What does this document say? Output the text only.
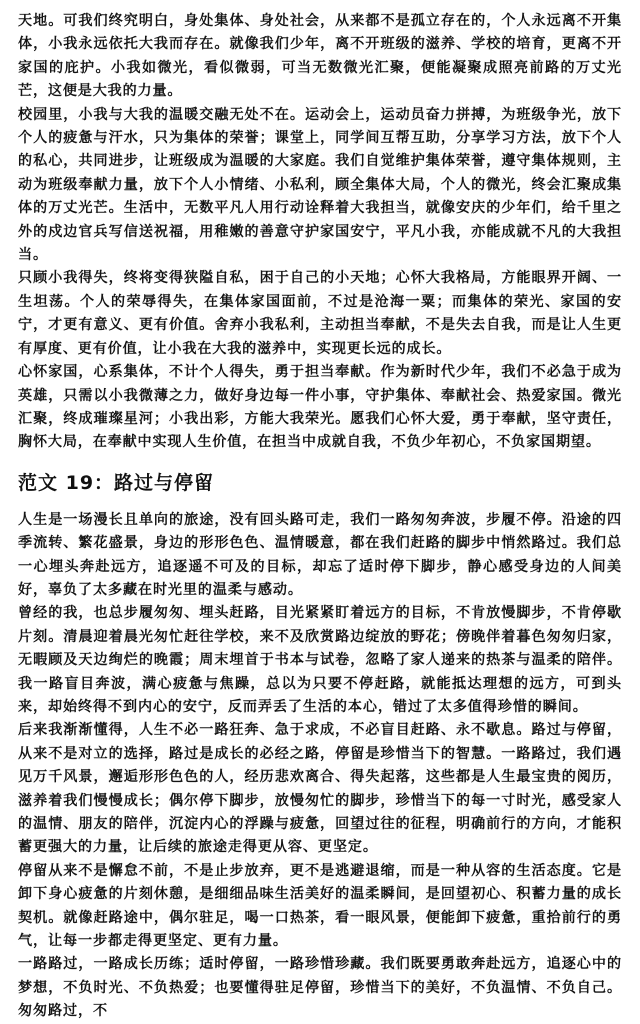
天地。可我们终究明白，身处集体、身处社会，从来都不是孤立存在的，个人永远离不开集体，小我永远依托大我而存在。就像我们少年，离不开班级的滋养、学校的培育，更离不开家国的庇护。小我如微光，看似微弱，可当无数微光汇聚，便能凝聚成照亮前路的万丈光芒，这便是大我的力量。

校园里，小我与大我的温暖交融无处不在。运动会上，运动员奋力拼搏，为班级争光，放下个人的疲惫与汗水，只为集体的荣誉；课堂上，同学间互帮互助，分享学习方法，放下个人的私心，共同进步，让班级成为温暖的大家庭。我们自觉维护集体荣誉，遵守集体规则，主动为班级奉献力量，放下个人小情绪、小私利，顾全集体大局，个人的微光，终会汇聚成集体的万丈光芒。生活中，无数平凡人用行动诠释着大我担当，就像安庆的少年们，给千里之外的戍边官兵写信送祝福，用稚嫩的善意守护家国安宁，平凡小我，亦能成就不凡的大我担当。

只顾小我得失，终将变得狭隘自私，困于自己的小天地；心怀大我格局，方能眼界开阔、一生坦荡。个人的荣辱得失，在集体家国面前，不过是沧海一粟；而集体的荣光、家国的安宁，才更有意义、更有价值。舍弃小我私利，主动担当奉献，不是失去自我，而是让人生更有厚度、更有价值，让小我在大我的滋养中，实现更长远的成长。

心怀家国，心系集体，不计个人得失，勇于担当奉献。作为新时代少年，我们不必急于成为英雄，只需以小我微薄之力，做好身边每一件小事，守护集体、奉献社会、热爱家国。微光汇聚，终成璀璨星河；小我出彩，方能大我荣光。愿我们心怀大爱，勇于奉献，坚守责任，胸怀大局，在奉献中实现人生价值，在担当中成就自我，不负少年初心，不负家国期望。

范文 19：路过与停留

人生是一场漫长且单向的旅途，没有回头路可走，我们一路匆匆奔波，步履不停。沿途的四季流转、繁花盛景，身边的形形色色、温情暖意，都在我们赶路的脚步中悄然路过。我们总一心埋头奔赴远方，追逐遥不可及的目标，却忘了适时停下脚步，静心感受身边的人间美好，辜负了太多藏在时光里的温柔与感动。

曾经的我，也总步履匆匆、埋头赶路，目光紧紧盯着远方的目标，不肯放慢脚步，不肯停歇片刻。清晨迎着晨光匆忙赶往学校，来不及欣赏路边绽放的野花；傍晚伴着暮色匆匆归家，无暇顾及天边绚烂的晚霞；周末埋首于书本与试卷，忽略了家人递来的热茶与温柔的陪伴。我一路盲目奔波，满心疲惫与焦躁，总以为只要不停赶路，就能抵达理想的远方，可到头来，却始终得不到内心的安宁，反而弄丢了生活的本心，错过了太多值得珍惜的瞬间。

后来我渐渐懂得，人生不必一路狂奔、急于求成，不必盲目赶路、永不歇息。路过与停留，从来不是对立的选择，路过是成长的必经之路，停留是珍惜当下的智慧。一路路过，我们遇见万千风景，邂逅形形色色的人，经历悲欢离合、得失起落，这些都是人生最宝贵的阅历，滋养着我们慢慢成长；偶尔停下脚步，放慢匆忙的脚步，珍惜当下的每一寸时光，感受家人的温情、朋友的陪伴，沉淀内心的浮躁与疲惫，回望过往的征程，明确前行的方向，才能积蓄更强大的力量，让后续的旅途走得更从容、更坚定。

停留从来不是懈怠不前，不是止步放弃，更不是逃避退缩，而是一种从容的生活态度。它是卸下身心疲惫的片刻休憩，是细细品味生活美好的温柔瞬间，是回望初心、积蓄力量的成长契机。就像赶路途中，偶尔驻足，喝一口热茶，看一眼风景，便能卸下疲惫，重拾前行的勇气，让每一步都走得更坚定、更有力量。

一路路过，一路成长历练；适时停留，一路珍惜珍藏。我们既要勇敢奔赴远方，追逐心中的梦想，不负时光、不负热爱；也要懂得驻足停留，珍惜当下的美好，不负温情、不负自己。匆匆路过，不
